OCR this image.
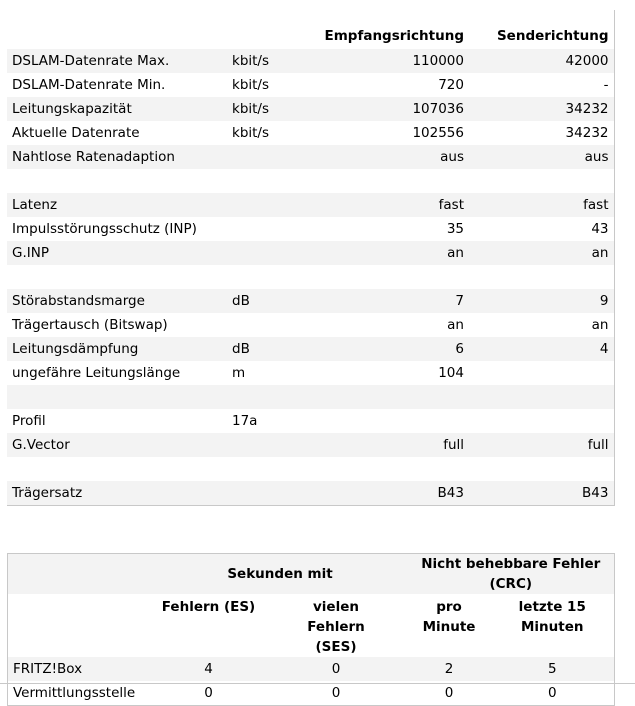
		Empfangsrichtung	Senderichtung
DSLAM-Datenrate Max.	kbit/s	110000	42000
DSLAM-Datenrate Min.	kbit/s	720	-
Leitungskapazität	kbit/s	107036	34232
Aktuelle Datenrate	kbit/s	102556	34232
Nahtlose Ratenadaption		aus	aus

Latenz		fast	fast
Impulsstörungsschutz (INP)		35	43
G.INP		an	an

Störabstandsmarge	dB	7	9
Trägertausch (Bitswap)		an	an
Leitungsdämpfung	dB	6	4
ungefähre Leitungslänge	m	104	

Profil	17a		
G.Vector		full	full

Trägersatz		B43	B43
	Sekunden mit		Nicht behebbare Fehler (CRC)	
	Fehlern (ES)	vielen Fehlern (SES)	pro Minute	letzte 15 Minuten
FRITZ!Box	4	0	2	5
Vermittlungsstelle	0	0	0	0
